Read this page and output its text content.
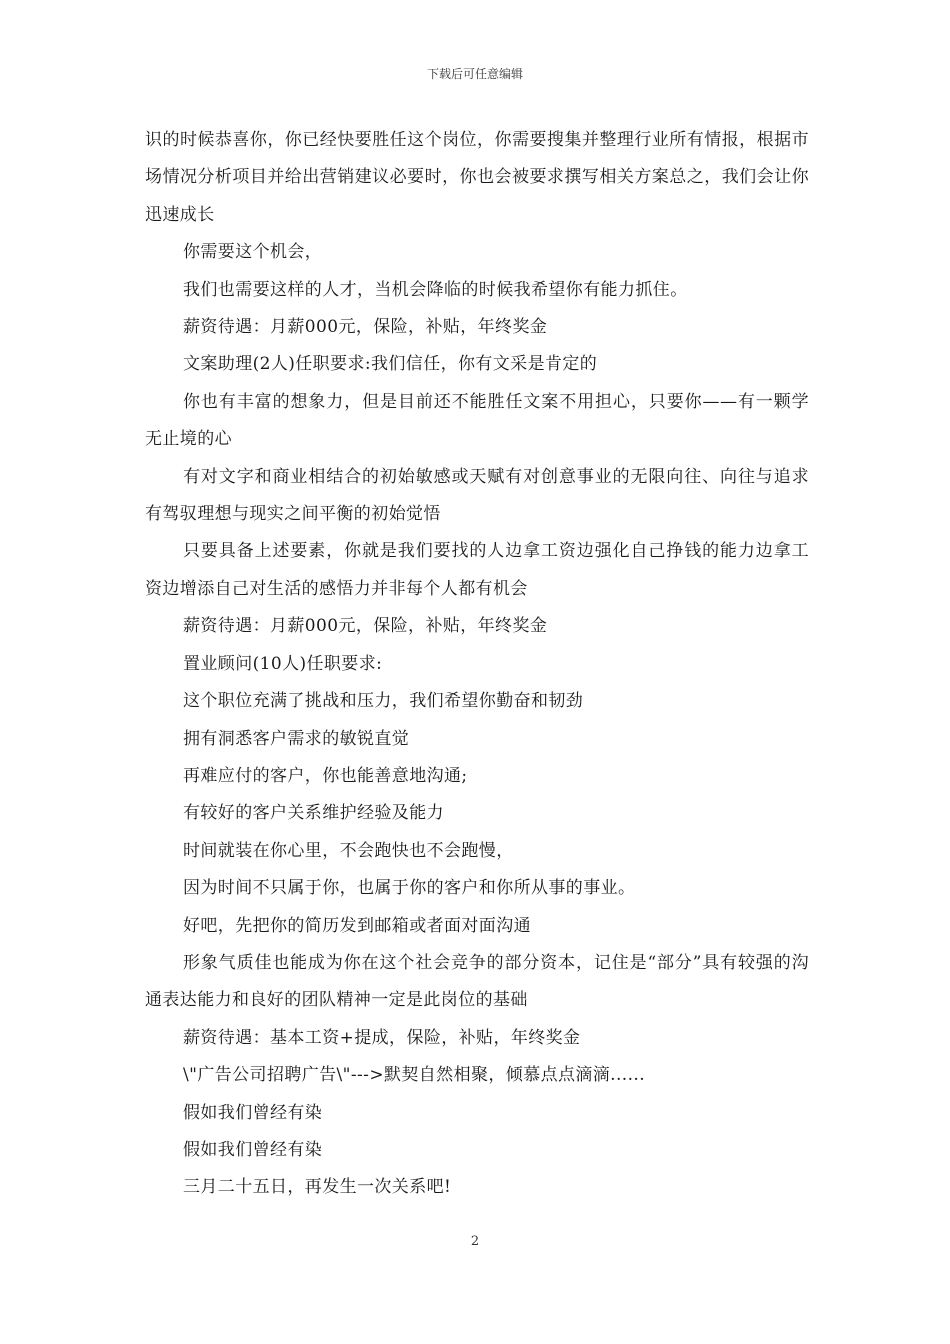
下载后可任意编辑

识的时候恭喜你，你已经快要胜任这个岗位，你需要搜集并整理行业所有情报，根据市场情况分析项目并给出营销建议必要时，你也会被要求撰写相关方案总之，我们会让你迅速成长

你需要这个机会，

我们也需要这样的人才，当机会降临的时候我希望你有能力抓住。

薪资待遇：月薪000元，保险，补贴，年终奖金

文案助理(2人)任职要求:我们信任，你有文采是肯定的

你也有丰富的想象力，但是目前还不能胜任文案不用担心，只要你——有一颗学无止境的心

有对文字和商业相结合的初始敏感或天赋有对创意事业的无限向往、向往与追求有驾驭理想与现实之间平衡的初始觉悟

只要具备上述要素，你就是我们要找的人边拿工资边强化自己挣钱的能力边拿工资边增添自己对生活的感悟力并非每个人都有机会

薪资待遇：月薪000元，保险，补贴，年终奖金

置业顾问(10人)任职要求:

这个职位充满了挑战和压力，我们希望你勤奋和韧劲

拥有洞悉客户需求的敏锐直觉

再难应付的客户，你也能善意地沟通;

有较好的客户关系维护经验及能力

时间就装在你心里，不会跑快也不会跑慢，

因为时间不只属于你，也属于你的客户和你所从事的事业。

好吧，先把你的简历发到邮箱或者面对面沟通

形象气质佳也能成为你在这个社会竞争的部分资本，记住是“部分”具有较强的沟通表达能力和良好的团队精神一定是此岗位的基础

薪资待遇：基本工资+提成，保险，补贴，年终奖金

\"广告公司招聘广告\"--->默契自然相聚，倾慕点点滴滴......

假如我们曾经有染

假如我们曾经有染

三月二十五日，再发生一次关系吧!

2
